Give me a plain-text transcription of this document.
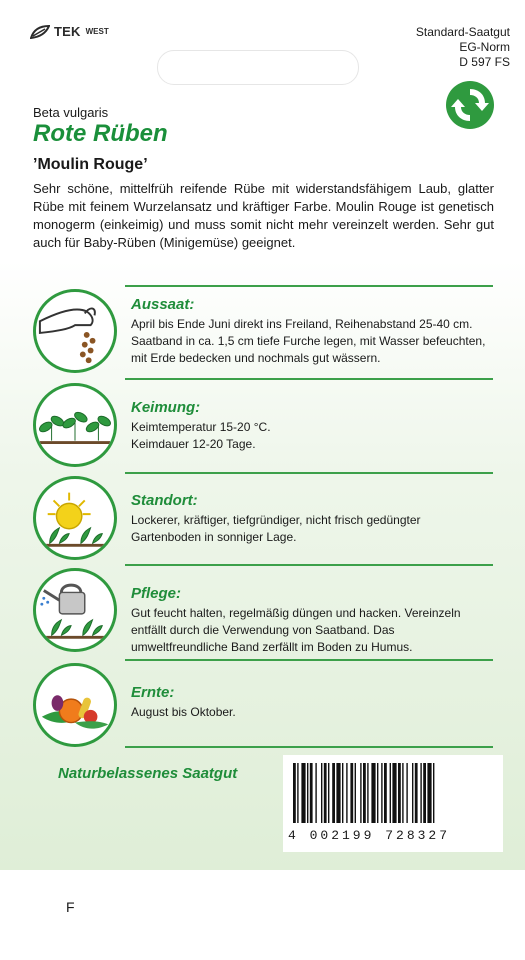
TEK WEST	Standard-Saatgut
EG-Norm
D 597 FS
Beta vulgaris
Rote Rüben
’Moulin Rouge’
Sehr schöne, mittelfrüh reifende Rübe mit widerstandsfähigem Laub, glatter Rübe mit feinem Wurzelansatz und kräftiger Farbe. Moulin Rouge ist genetisch monogerm (einkeimig) und muss somit nicht mehr vereinzelt werden. Sehr gut auch für Baby-Rüben (Minigemüse) geeignet.
Aussaat:
April bis Ende Juni direkt ins Freiland, Reihenabstand 25-40 cm. Saatband in ca. 1,5 cm tiefe Furche legen, mit Wasser befeuchten, mit Erde bedecken und nochmals gut wässern.
Keimung:
Keimtemperatur 15-20 °C.
Keimdauer 12-20 Tage.
Standort:
Lockerer, kräftiger, tiefgründiger, nicht frisch gedüngter Gartenboden in sonniger Lage.
Pflege:
Gut feucht halten, regelmäßig düngen und hacken. Vereinzeln entfällt durch die Verwendung von Saatband. Das umweltfreundliche Band zerfällt im Boden zu Humus.
Ernte:
August bis Oktober.
Naturbelassenes Saatgut
4 002199 728327
F
